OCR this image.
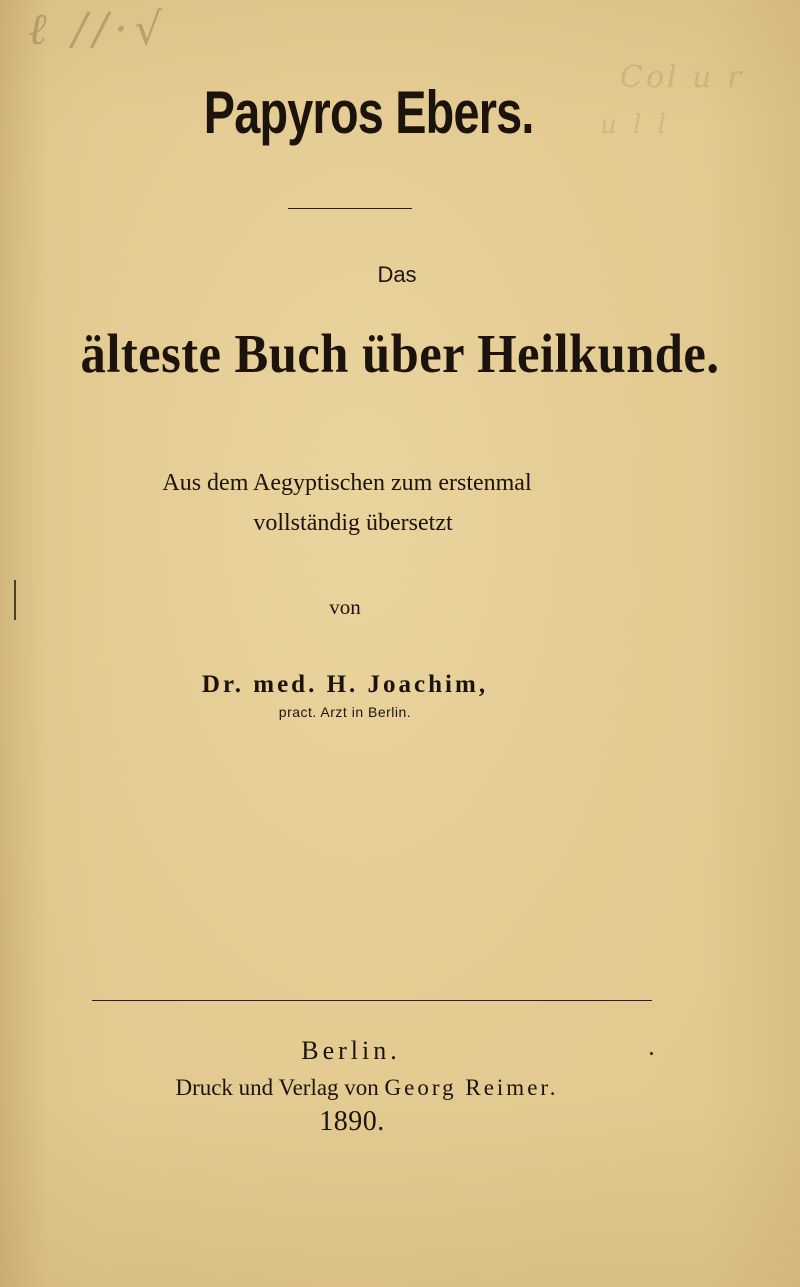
ℓ //·√
Col u r
u l l
Papyros Ebers.
Das
älteste Buch über Heilkunde.
Aus dem Aegyptischen zum erstenmal
vollständig übersetzt
von
Dr. med. H. Joachim,
pract. Arzt in Berlin.
Berlin.
Druck und Verlag von Georg Reimer.
1890.
